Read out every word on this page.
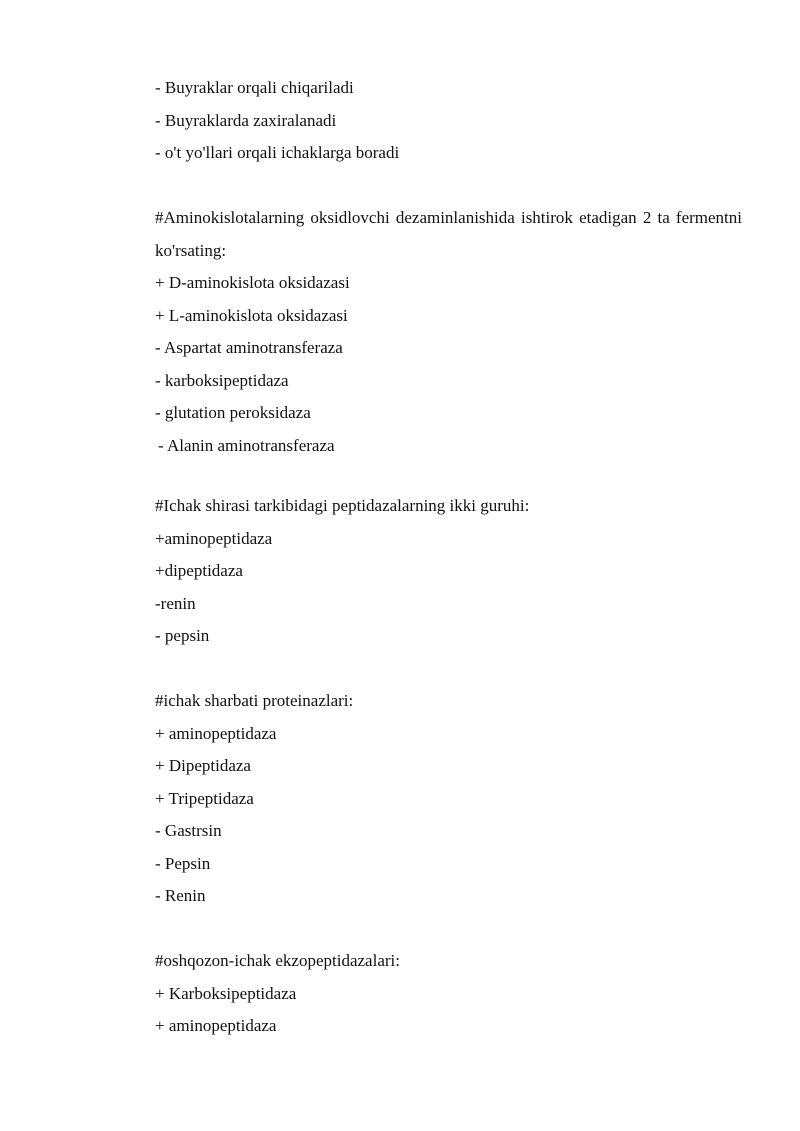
- Buyraklar orqali chiqariladi
- Buyraklarda zaxiralanadi
- o't yo'llari orqali ichaklarga boradi
#Aminokislotalarning oksidlovchi dezaminlanishida ishtirok etadigan 2 ta fermentni ko'rsating:
+ D-aminokislota oksidazasi
+ L-aminokislota oksidazasi
- Aspartat aminotransferaza
- karboksipeptidaza
- glutation peroksidaza
- Alanin aminotransferaza
#Ichak shirasi tarkibidagi peptidazalarning ikki guruhi:
+aminopeptidaza
+dipeptidaza
-renin
- pepsin
#ichak sharbati proteinazlari:
+ aminopeptidaza
+ Dipeptidaza
+ Tripeptidaza
- Gastrsin
- Pepsin
- Renin
#oshqozon-ichak ekzopeptidazalari:
+ Karboksipeptidaza
+ aminopeptidaza
